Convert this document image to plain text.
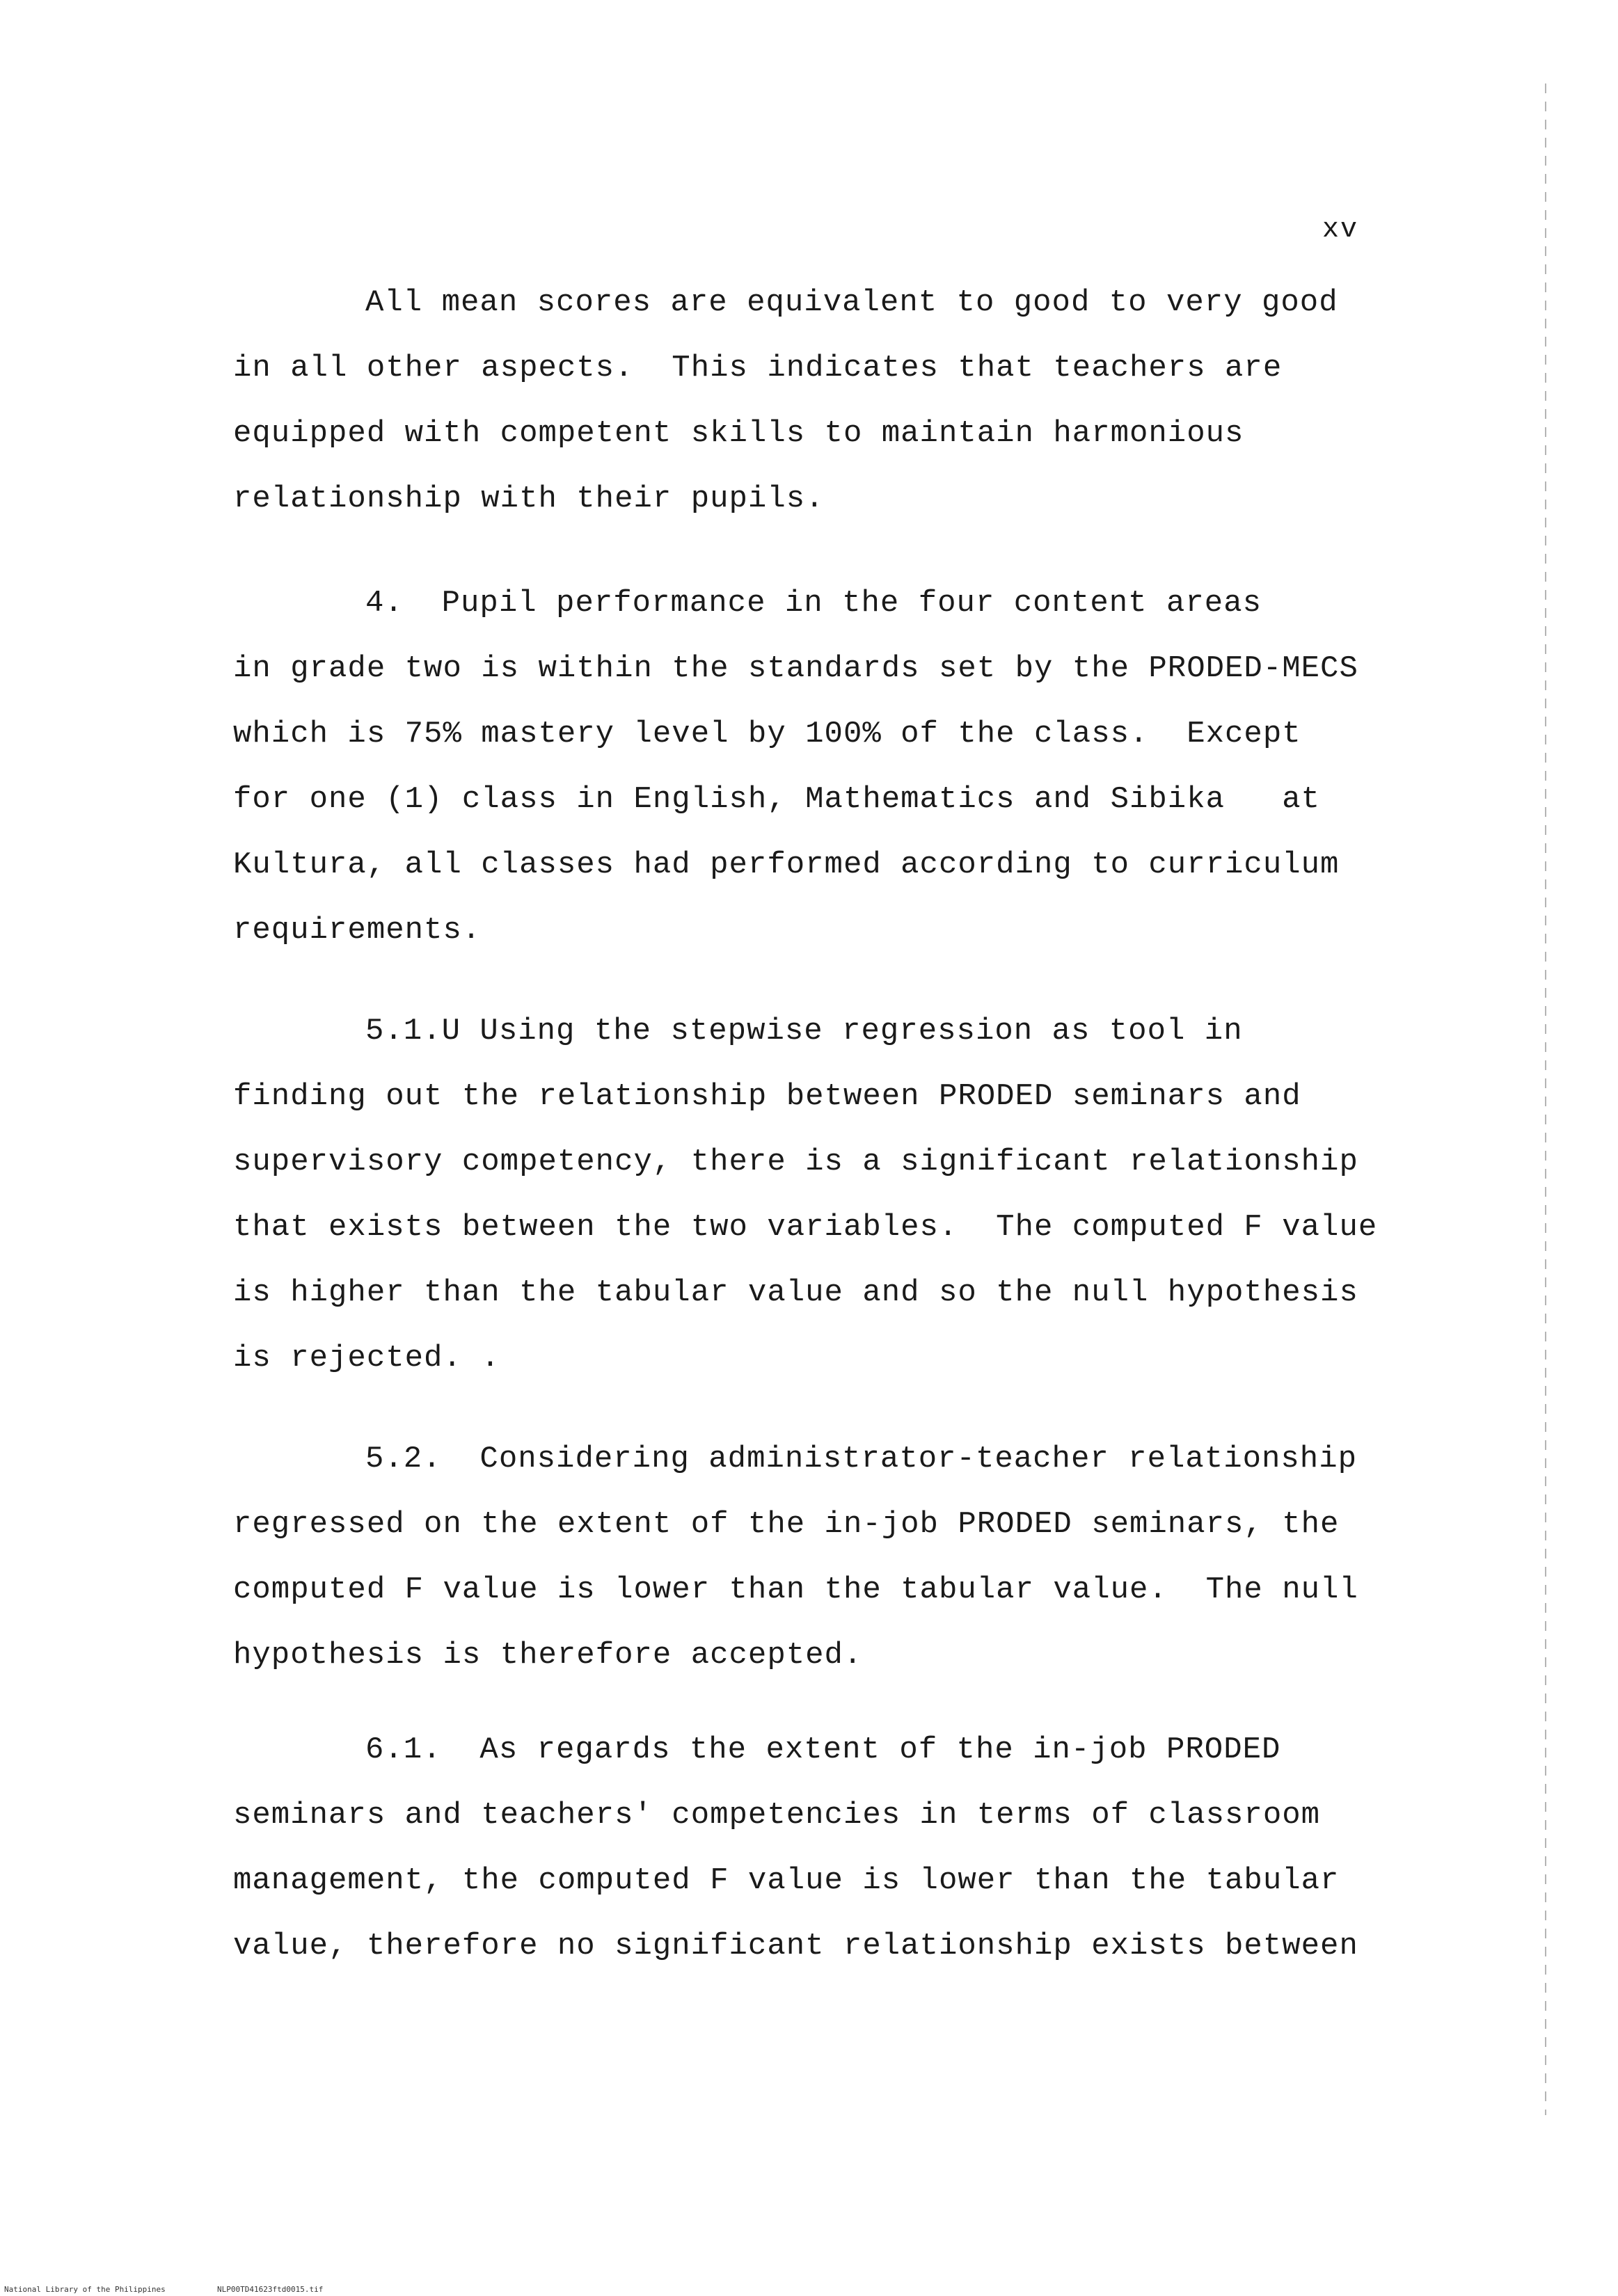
xv

All mean scores are equivalent to good to very good
in all other aspects.  This indicates that teachers are
equipped with competent skills to maintain harmonious
relationship with their pupils.

4.  Pupil performance in the four content areas
in grade two is within the standards set by the PRODED-MECS
which is 75% mastery level by 100% of the class.  Except
for one (1) class in English, Mathematics and Sibika   at
Kultura, all classes had performed according to curriculum
requirements.

5.1.U Using the stepwise regression as tool in
finding out the relationship between PRODED seminars and
supervisory competency, there is a significant relationship
that exists between the two variables.  The computed F value
is higher than the tabular value and so the null hypothesis
is rejected. .

5.2.  Considering administrator-teacher relationship
regressed on the extent of the in-job PRODED seminars, the
computed F value is lower than the tabular value.  The null
hypothesis is therefore accepted.

6.1.  As regards the extent of the in-job PRODED
seminars and teachers' competencies in terms of classroom
management, the computed F value is lower than the tabular
value, therefore no significant relationship exists between

National Library of the Philippines	NLP00TD41623ftd0015.tif
